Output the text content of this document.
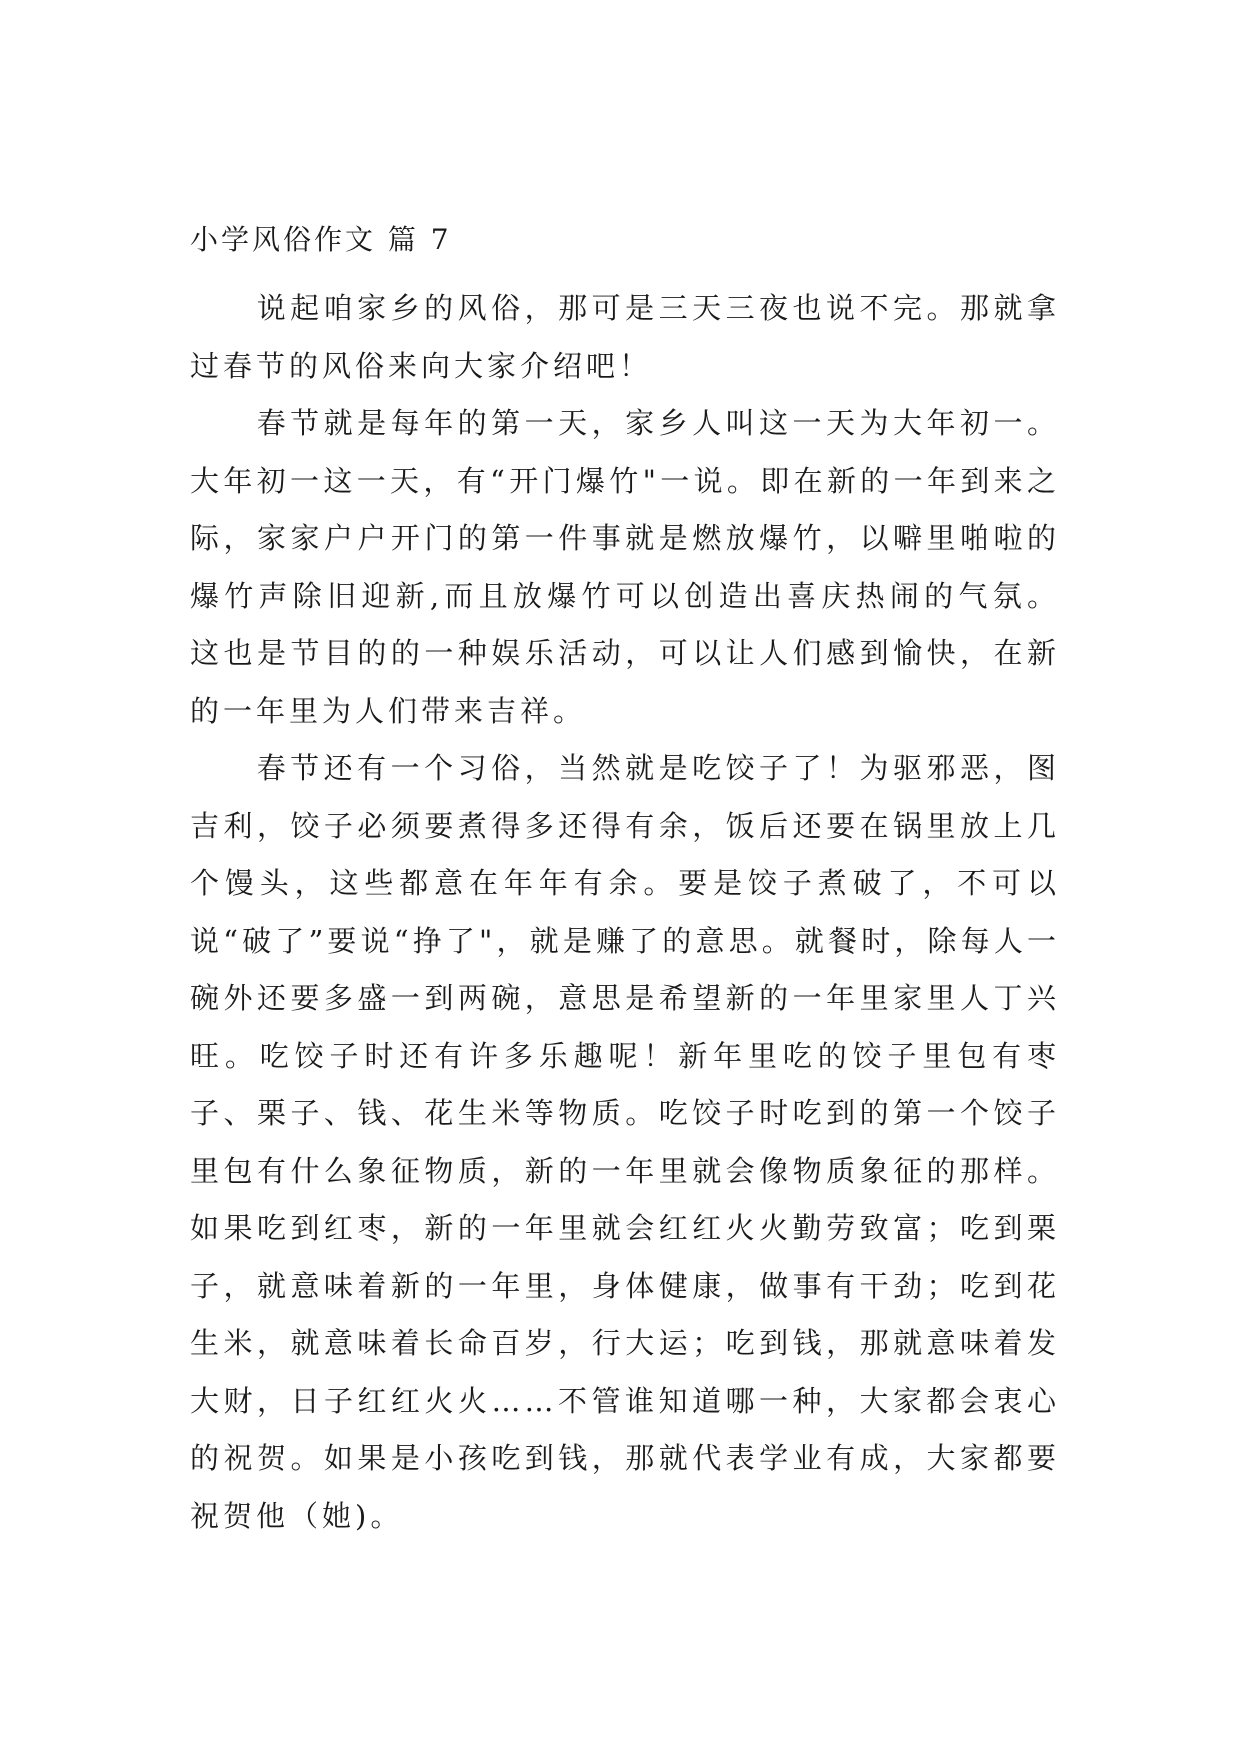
小学风俗作文 篇 7

说起咱家乡的风俗，那可是三天三夜也说不完。那就拿过春节的风俗来向大家介绍吧！

春节就是每年的第一天，家乡人叫这一天为大年初一。大年初一这一天，有“开门爆竹"一说。即在新的一年到来之际，家家户户开门的第一件事就是燃放爆竹，以噼里啪啦的爆竹声除旧迎新,而且放爆竹可以创造出喜庆热闹的气氛。这也是节目的的一种娱乐活动，可以让人们感到愉快，在新的一年里为人们带来吉祥。

春节还有一个习俗，当然就是吃饺子了！为驱邪恶，图吉利，饺子必须要煮得多还得有余，饭后还要在锅里放上几个馒头，这些都意在年年有余。要是饺子煮破了，不可以说“破了”要说“挣了"，就是赚了的意思。就餐时，除每人一碗外还要多盛一到两碗，意思是希望新的一年里家里人丁兴旺。吃饺子时还有许多乐趣呢！新年里吃的饺子里包有枣子、栗子、钱、花生米等物质。吃饺子时吃到的第一个饺子里包有什么象征物质，新的一年里就会像物质象征的那样。如果吃到红枣，新的一年里就会红红火火勤劳致富；吃到栗子，就意味着新的一年里，身体健康，做事有干劲；吃到花生米，就意味着长命百岁，行大运；吃到钱，那就意味着发大财，日子红红火火……不管谁知道哪一种，大家都会衷心的祝贺。如果是小孩吃到钱，那就代表学业有成，大家都要祝贺他（她)。
